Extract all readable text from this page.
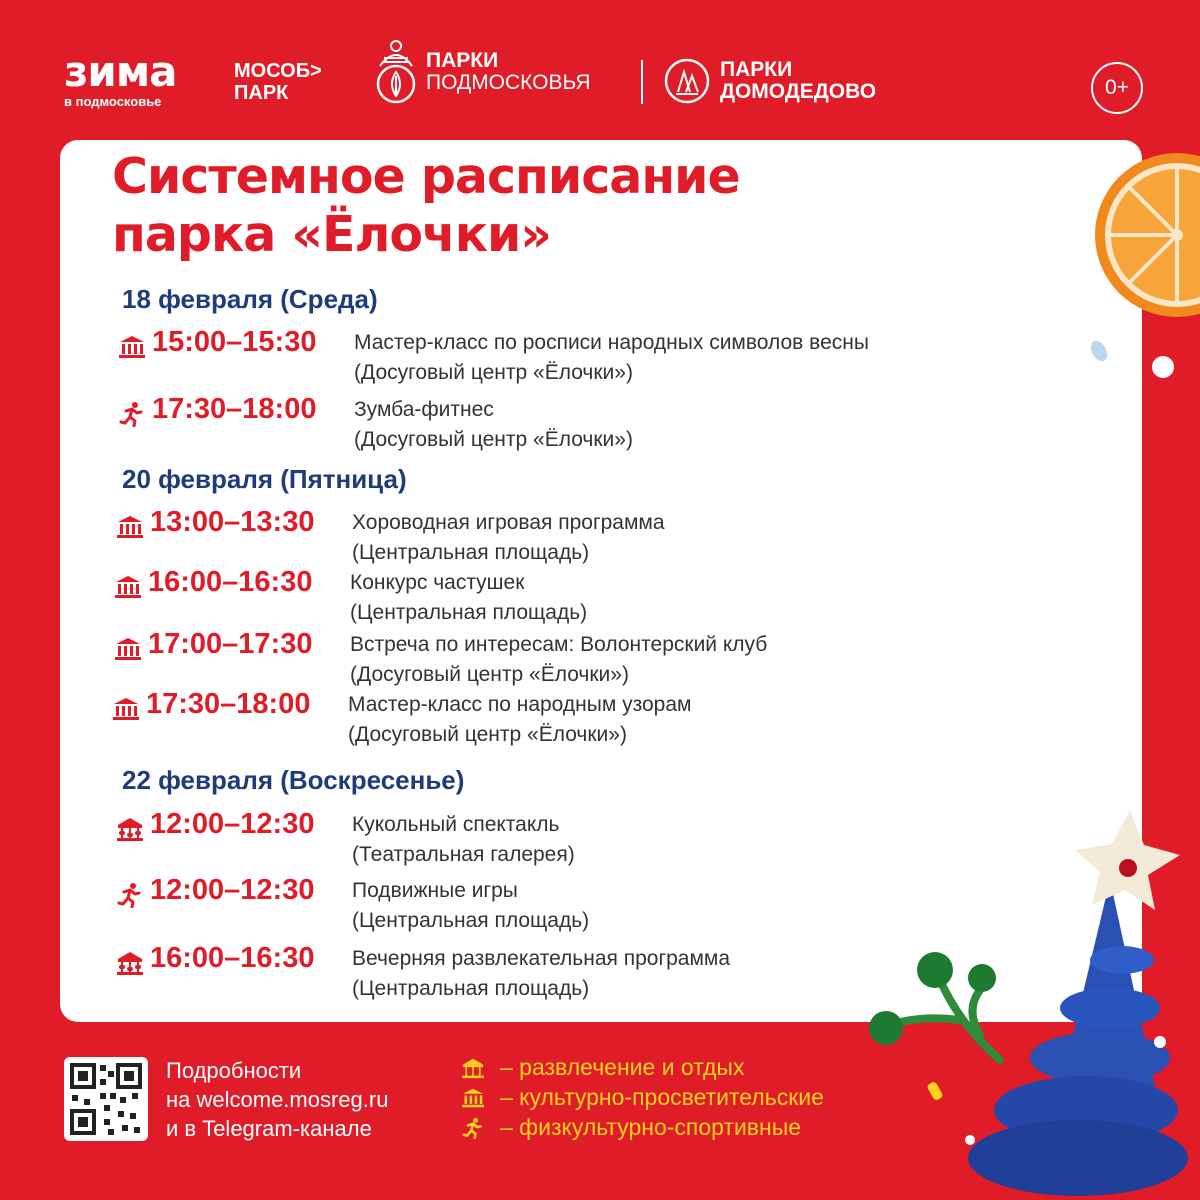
зима
в подмосковье
МОСОБ>
ПАРК
ПАРКИ
ПОДМОСКОВЬЯ
ПАРКИ
ДОМОДЕДОВО	0+
Системное расписание
парка «Ёлочки»
18 февраля (Среда)
15:00–15:30 Мастер-класс по росписи народных символов весны
(Досуговый центр «Ёлочки»)
17:30–18:00 Зумба-фитнес
(Досуговый центр «Ёлочки»)
20 февраля (Пятница)
13:00–13:30 Хороводная игровая программа
(Центральная площадь)
16:00–16:30 Конкурс частушек
(Центральная площадь)
17:00–17:30 Встреча по интересам: Волонтерский клуб
(Досуговый центр «Ёлочки»)
17:30–18:00 Мастер-класс по народным узорам
(Досуговый центр «Ёлочки»)
22 февраля (Воскресенье)
12:00–12:30 Кукольный спектакль
(Театральная галерея)
12:00–12:30 Подвижные игры
(Центральная площадь)
16:00–16:30 Вечерняя развлекательная программа
(Центральная площадь)
Подробности
на welcome.mosreg.ru
и в Telegram-канале
– развлечение и отдых
– культурно-просветительские
– физкультурно-спортивные
